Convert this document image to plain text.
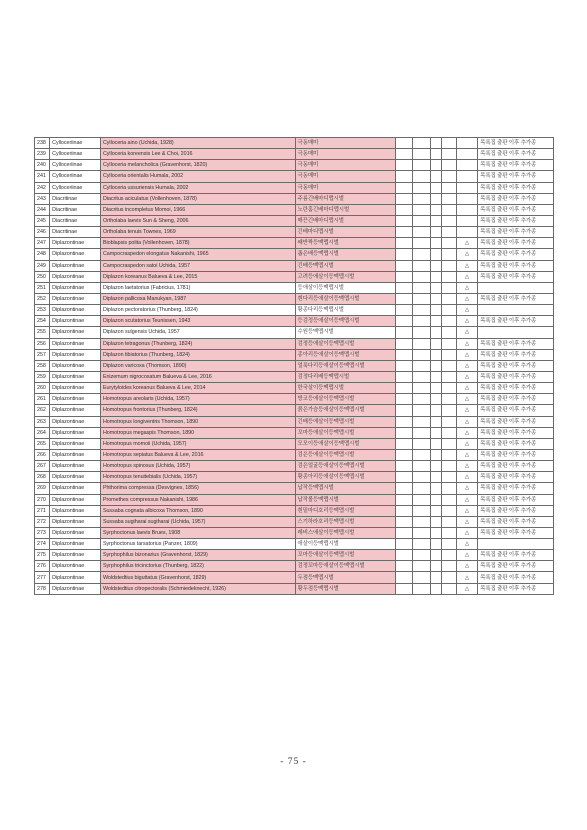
238	Cylloceriinae	Cylloceria aino (Uchida, 1928)	극동매미						목록집 출판 이후 추가종
239	Cylloceriinae	Cylloceria koreensis Lee & Choi, 2016	극동매미						목록집 출판 이후 추가종
240	Cylloceriinae	Cylloceria melancholica (Gravenhorst, 1820)	극동매미						목록집 출판 이후 추가종
241	Cylloceriinae	Cylloceria orientalis Humala, 2002	극동매미						목록집 출판 이후 추가종
242	Cylloceriinae	Cylloceria ussuriensis Humala, 2002	극동매미						목록집 출판 이후 추가종
243	Diacritinae	Diacritus aciculatus (Vollenhoven, 1878)	주름긴배마디맵시벌						목록집 출판 이후 추가종
244	Diacritinae	Diacritus incompletus Momoi, 1966	노란홈긴배마디맵시벌						목록집 출판 이후 추가종
245	Diacritinae	Ortholaba laevis Sun & Sheng, 2006	매끈긴배마디맵시벌						목록집 출판 이후 추가종
246	Diacritinae	Ortholaba tenuis Townes, 1969	긴배마디맵시벌						목록집 출판 이후 추가종
247	Diplazontinae	Bioblapsis polita (Vollenhoven, 1878)	쌔반짝등맥맵시벌					△	목록집 출판 이후 추가종
248	Diplazontinae	Campocraspedon elongatus Nakanishi, 1965	좁은배등맥맵시벌					△	목록집 출판 이후 추가종
249	Diplazontinae	Campocraspedon satoi Uchida, 1957	긴배등맥맵시벌					△	목록집 출판 이후 추가종
250	Diplazontinae	Diplazon koreanus Balueva & Lee, 2015	고려등애살이등맥맵시벌					△	목록집 출판 이후 추가종
251	Diplazontinae	Diplazon laetatorius (Fabricius, 1781)	등애살이등맥맵시벌					△	
252	Diplazontinae	Diplazon pallicoxa Manukyan, 1987	흰다리등애살이등맥맵시벌					△	목록집 출판 이후 추가종
253	Diplazontinae	Diplazon pectoratorius (Thunberg, 1824)	황종다리등맥맵시벌					△	
254	Diplazontinae	Diplazon scutatorius Teunissen, 1943	등검정등애살이등맥맵시벌					△	목록집 출판 이후 추가종
255	Diplazontinae	Diplazon sulgensis Uchida, 1957	수원등맥맵시벌					△	
256	Diplazontinae	Diplazon tetragonus (Thunberg, 1824)	검정등애살이등맥맵시벌					△	목록집 출판 이후 추가종
257	Diplazontinae	Diplazon tibiatorius (Thunberg, 1824)	종아리등애살이등맥맵시벌					△	목록집 출판 이후 추가종
258	Diplazontinae	Diplazon varicoxa (Thomson, 1890)	얼룩다리등애살이등맥맵시벌					△	목록집 출판 이후 추가종
259	Diplazontinae	Enizemum nigrocoxatum Balueva & Lee, 2016	검정다리배등맥맵시벌					△	목록집 출판 이후 추가종
260	Diplazontinae	Eurytyloides koreanus Balueva & Lee, 2014	한국살이등맥맵시벌					△	목록집 출판 이후 추가종
261	Diplazontinae	Homotropus areolaris (Uchida, 1957)	방코등애살이등맥맵시벌					△	목록집 출판 이후 추가종
262	Diplazontinae	Homotropus frontorius (Thunberg, 1824)	붉은가슴등애살이등맥맵시벌					△	목록집 출판 이후 추가종
263	Diplazontinae	Homotropus longiventris Thomson, 1890	긴배등애살이등맥맵시벌					△	목록집 출판 이후 추가종
264	Diplazontinae	Homotropus megaspis Thomson, 1890	꼬마등애살이등맥맵시벌					△	목록집 출판 이후 추가종
265	Diplazontinae	Homotropus momoii (Uchida, 1957)	모모이등애살이등맥맵시벌					△	목록집 출판 이후 추가종
266	Diplazontinae	Homotropus sepiatus Balueva & Lee, 2016	검은등애살이등맥맵시벌					△	목록집 출판 이후 추가종
267	Diplazontinae	Homotropus spinosus (Uchida, 1957)	검은얼굴등애살이등맥맵시벌					△	목록집 출판 이후 추가종
268	Diplazontinae	Homotropus tenuitebialis (Uchida, 1957)	황종아리등애살이등맥맵시벌					△	목록집 출판 이후 추가종
269	Diplazontinae	Phthorima compressa (Desvignes, 1856)	납작등맥맵시벌					△	목록집 출판 이후 추가종
270	Diplazontinae	Promethes compressus Nakanishi, 1986	납작볼등맥맵시벌					△	목록집 출판 이후 추가종
271	Diplazontinae	Sussaba cognata albicoxa Thomson, 1890	흰밑마디호리등맥맵시벌					△	목록집 출판 이후 추가종
272	Diplazontinae	Sussaba sugiharai sugiharai (Uchida, 1957)	스기하라호리등맥맵시벌					△	목록집 출판 이후 추가종
273	Diplazontinae	Syrphoctonus laevis Brues, 1908	레비스애살이등맥맵시벌					△	목록집 출판 이후 추가종
274	Diplazontinae	Syrphoctonus tarsatorius (Panzer, 1809)	애살이등맥맵시벌					△	
275	Diplazontinae	Syrphophilus bizonarius (Gravenhorst, 1829)	꼬마등애살이등맥맵시벌					△	목록집 출판 이후 추가종
276	Diplazontinae	Syrphophilus tricinctorius (Thunberg, 1822)	검정꼬마등애살이등맥맵시벌					△	목록집 출판 이후 추가종
277	Diplazontinae	Woldstedtius biguttatus (Gravenhorst, 1829)	두점등맥맵시벌					△	목록집 출판 이후 추가종
278	Diplazontinae	Woldstedtius citropectoralis (Schmiedeknecht, 1926)	황두점등맥맵시벌					△	목록집 출판 이후 추가종
- 75 -
